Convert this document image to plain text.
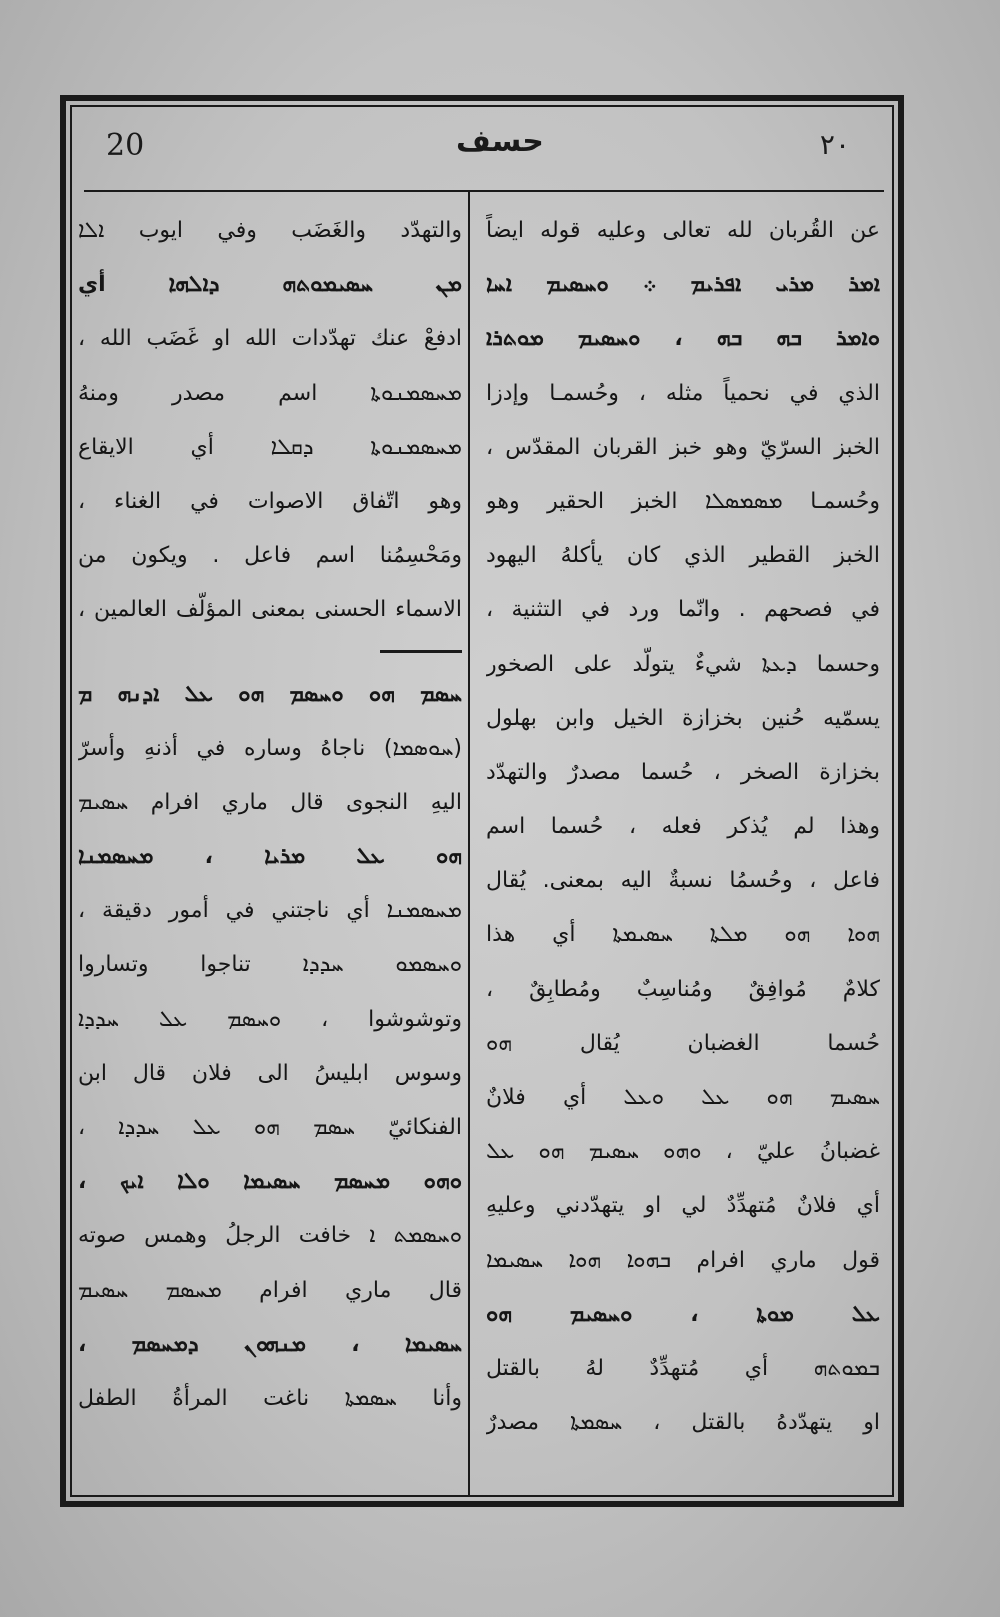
20	حسف	٢٠
عن القُربان لله تعالى وعليه قوله ايضاً
ܐܡܪ ܡܪܝ ܐܦܪܝܡ ܀ ܘܚܣܝܡ ܐܚܐ
ܘܐܡܪ ܒܗ ܒܗ ، ܘܚܣܝܡ ܡܘܬܪܐ
الذي في نحمياً مثله ، وحُسمـا وإدزا
الخبز السرّيّ وهو خبز القربان المقدّس ،
وحُسمـا ܡܣܡܣܠܐ الخبز الحقير وهو
الخبز القطير الذي كان يأكلهُ اليهود
في فصحهم . وانّما ورد في التثنية ،
وحسما ܕܥܬܐ شيءٌ يتولّد على الصخور
يسمّيه حُنين بخزازة الخيل وابن بهلول
بخزازة الصخر ، حُسما مصدرٌ والتهدّد
وهذا لم يُذكر فعله ، حُسما اسم
فاعل ، وحُسمُا نسبةٌ اليه بمعنى. يُقال
ܗܘܐ ܗܘ ܡܠܬܐ ܚܣܝܡܬܐ أي هذا
كلامٌ مُوافِقٌ ومُناسِبٌ ومُطابِقٌ ،
حُسما الغضبان يُقال ܗܘ
ܚܣܝܡ ܗܘ ܥܠ ܘܥܠ أي فلانٌ
غضبانُ عليّ ، ܘܗܘ ܚܣܝܡ ܗܘ ܥܠ
أي فلانٌ مُتهدِّدٌ لي او يتهدّدني وعليهِ
قول ماري افرام ܒܗܘܐ ܗܘܐ ܚܣܝܡܐ
ܥܠ ܡܘܬܐ ، ܘܚܣܝܡ ܗܘ
ܒܡܘܬܗ أي مُتهدِّدٌ لهُ بالقتل
او يتهدّدهُ بالقتل ، ܚܣܡܬܐ مصدرٌ
والتهدّد والغَضَب وفي ايوب ܐܠܐ
ܡܢ ܚܣܝܡܘܬܗ ܕܐܠܗܐ أي
ادفعْ عنك تهدّدات الله او غَضَب الله ،
ܡܚܣܡܢܘܬܐ اسم مصدر ومنهُ
ܡܚܣܡܢܘܬܐ ܕܩܠܐ أي الايقاع
وهو اتّفاق الاصوات في الغناء ،
ومَحْسِمُنا اسم فاعل . ويكون من
الاسماء الحسنى بمعنى المؤلّف العالمين ،
ܚܣܡ ܗܘ ܘܚܣܡ ܗܘ ܥܠ ܐܕܢܗ ܡ
(ܚܘܣܡܐ) ناجاهُ وساره في أذنهِ وأسرّ
اليهِ النجوى قال ماري افرام ܚܣܝܡ
ܗܘ ܥܠ ܡܪܝܐ ، ܡܚܣܡܢܐ
ܡܚܣܡܢܐ أي ناجتني في أمور دقيقة ،
ܘܚܣܡܘ ܚܕܕܐ تناجوا وتساروا
وتوشوشوا ، ܘܚܣܡ ܥܠ ܚܕܕܐ
وسوس ابليسُ الى فلان قال ابن
الفنكائيّ ܚܣܡ ܗܘ ܥܠ ܚܕܕܐ ،
ܘܗܘ ܡܚܣܡ ܚܣܝܡܐ ܘܠܐ ܐܝܟ ،
ܘܚܣܡܬ ܐ خافت الرجلُ وهمس صوته
قال ماري افرام ܡܚܣܡ ܚܣܝܡ
ܚܣܝܡܐ ، ܡܢܗܘܢ ܕܡܚܣܡ ،
وأنا ܚܣܡܬܐ ناغت المرأةُ الطفل
